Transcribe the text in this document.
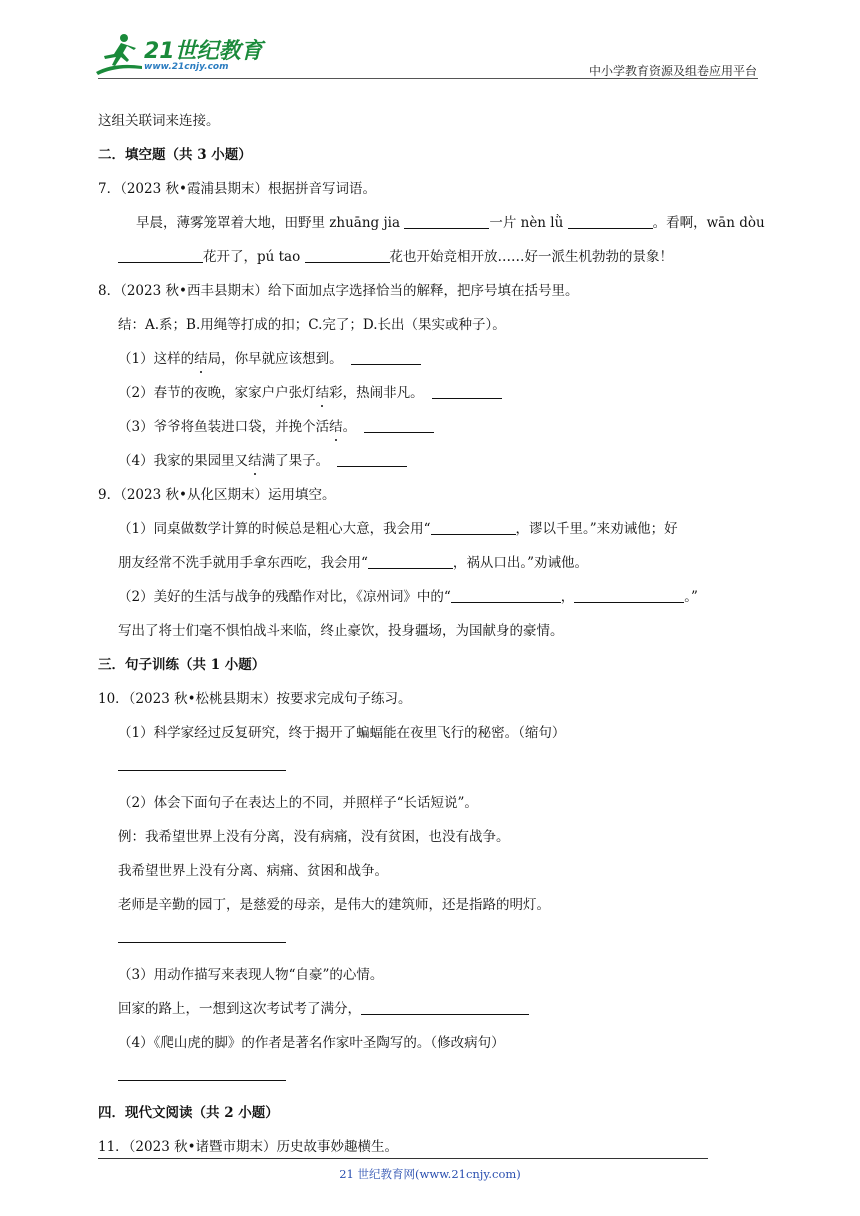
21世纪教育
www.21cnjy.com	中小学教育资源及组卷应用平台
这组关联词来连接。
二．填空题（共 3 小题）
7．（2023 秋•霞浦县期末）根据拼音写词语。
早晨，薄雾笼罩着大地，田野里 zhuāng jia	一片 nèn lǜ	。看啊，wān dòu
花开了，pú tao	花也开始竞相开放……好一派生机勃勃的景象！
8．（2023 秋•西丰县期末）给下面加点字选择恰当的解释，把序号填在括号里。
结：A.系；B.用绳等打成的扣；C.完了；D.长出（果实或种子）。
（1）这样的结局，你早就应该想到。
（2）春节的夜晚，家家户户张灯结彩，热闹非凡。
（3）爷爷将鱼装进口袋，并挽个活结。
（4）我家的果园里又结满了果子。
9．（2023 秋•从化区期末）运用填空。
（1）同桌做数学计算的时候总是粗心大意，我会用“	，谬以千里。”来劝诫他；好
朋友经常不洗手就用手拿东西吃，我会用“	，祸从口出。”劝诫他。
（2）美好的生活与战争的残酷作对比，《凉州词》中的“	，	。”
写出了将士们毫不惧怕战斗来临，终止豪饮，投身疆场，为国献身的豪情。
三．句子训练（共 1 小题）
10．（2023 秋•松桃县期末）按要求完成句子练习。
（1）科学家经过反复研究，终于揭开了蝙蝠能在夜里飞行的秘密。（缩句）
（2）体会下面句子在表达上的不同，并照样子“长话短说”。
例：我希望世界上没有分离，没有病痛，没有贫困，也没有战争。
我希望世界上没有分离、病痛、贫困和战争。
老师是辛勤的园丁，是慈爱的母亲，是伟大的建筑师，还是指路的明灯。
（3）用动作描写来表现人物“自豪”的心情。
回家的路上，一想到这次考试考了满分，
（4）《爬山虎的脚》的作者是著名作家叶圣陶写的。（修改病句）
四．现代文阅读（共 2 小题）
11．（2023 秋•诸暨市期末）历史故事妙趣横生。
21 世纪教育网(www.21cnjy.com)
